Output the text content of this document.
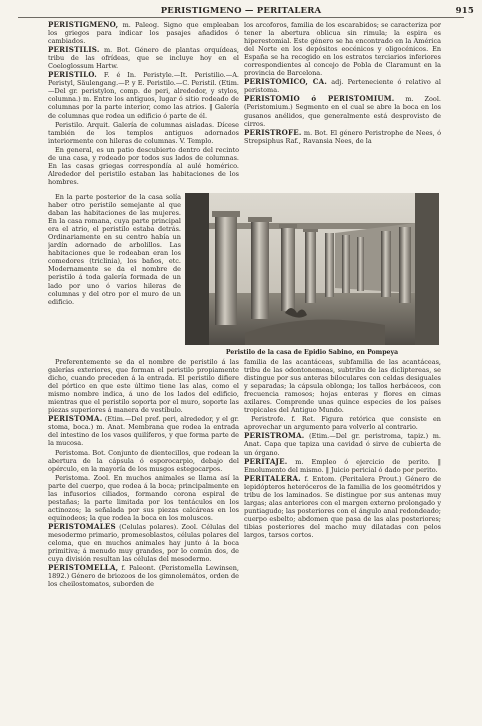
PERISTIGMENO — PERITALERA	915

PERISTIGMENO, m. Paleog. Signo que empleaban los griegos para indicar los pasajes añadidos ó cambiados.

PERISTILIS. m. Bot. Género de plantas orquídeas, tribu de las ofrídeas, que se incluye hoy en el Coeloglossum Hartw.

PERISTILO. F. é In. Peristyle.—It. Peristilio.—A. Peristyl, Säulengang.—P. y E. Peristilo.—C. Peristil. (Etim.—Del gr. peristylon, comp. de peri, alrededor, y stylos, columna.) m. Entre los antiguos, lugar ó sitio rodeado de columnas por la parte interior, como las atrios. ‖ Galería de columnas que rodea un edificio ó parte de él.

Peristilo. Arquit. Galería de columnas aisladas. Dícese también de los templos antiguos adornados interiormente con hileras de columnas. V. Templo.

En general, es un patio descubierto dentro del recinto de una casa, y rodeado por todos sus lados de columnas. En las casas griegas correspondía al aulé homérico. Alrededor del peristilo estaban las habitaciones de los hombres.

los arcoforos, familia de los escarabidos; se caracteriza por tener la abertura oblicua sin rimula; la espira es hiperestomial. Este género se ha encontrado en la América del Norte en los depósitos eocénicos y oligocénicos. En España se ha recogido en los estratos terciarios inferiores correspondientes al concejo de Pobla de Claramunt en la provincia de Barcelona.

PERISTOMICO, CA. adj. Perteneciente ó relativo al peristoma.

PERISTOMIO ó PERISTOMIUM. m. Zool. (Peristomium.) Segmento en el cual se abre la boca en los gusanos anélidos, que generalmente está desprovisto de cirros.

PERISTROFE. m. Bot. El género Peristrophe de Nees, ó Strepsiphus Raf., Ravansia Nees, de la

En la parte posterior de la casa solía haber otro peristilo semejante al que daban las habitaciones de las mujeres. En la casa romana, cuya parte principal era el atrio, el peristilo estaba detrás. Ordinariamente en su centro había un jardín adornado de arbolillos. Las habitaciones que le rodeaban eran los comedores (triclinia), los baños, etc. Modernamente se da el nombre de peristilo á toda galería formada de un lado por uno ó varios hileras de columnas y del otro por el muro de un edificio.

Peristilo de la casa de Epidio Sabino, en Pompeya

Preferentemente se da el nombre de peristilo á las galerías exteriores, que forman el peristilo propiamente dicho, cuando preceden á la entrada. El peristilo difiere del pórtico en que este último tiene las alas, como el mismo nombre indica, á uno de los lados del edificio, mientras que el peristilo soporta por el muro, soporte las piezas superiores á manera de vestíbulo.

PERISTOMA. (Etim.—Del pref. peri, alrededor, y el gr. stoma, boca.) m. Anat. Membrana que rodea la entrada del intestino de los vasos quilíferos, y que forma parte de la mucosa.

Peristoma. Bot. Conjunto de dientecillos, que rodean la abertura de la cápsula ó esporocarpio, debajo del opérculo, en la mayoría de los musgos estegocarpos.

Peristoma. Zool. En muchos animales se llama así la parte del cuerpo, que rodea á la boca; principalmente en las infusorios ciliados, formando corona espiral de pestañas; la parte limitada por los tentáculos en los actinozos; la señalada por sus piezas calcáreas en los equinodeos; la que rodea la boca en los moluscos.

PERISTOMALES (Celulas polares). Zool. Células del mesodermo primario, promesoblastos, células polares del celoma, que en muchos animales hay junto á la boca primitiva; á menudo muy grandes, por lo común dos, de cuya división resultan las células del mesodermo.

PERISTOMELLA, f. Paleont. (Peristomella Lewinsen, 1892.) Género de briozoos de los gimnolemátos, orden de los cheilostomatos, suborden de

familia de las acantáceas, subfamilia de las acantáceas, tribu de las odontonemeas, subtribu de las dicliptereas, se distingue por sus anteras biloculares con celdas desiguales y separadas; la cápsula oblonga; los tallos herbáceos, con frecuencia ramosos; hojas enteras y flores en cimas axilares. Comprende unas quince especies de los países tropicales del Antiguo Mundo.

Peristrofe. f. Ret. Figura retórica que consiste en aprovechar un argumento para volverlo al contrario.

PERISTROMA. (Etim.—Del gr. peristroma, tapiz.) m. Anat. Capa que tapiza una cavidad ó sirve de cubierta de un órgano.

PERITAJE. m. Empleo ó ejercicio de perito. ‖ Emolumento del mismo. ‖ Juicio pericial ó dado por perito.

PERITALERA. f. Entom. (Peritalera Prout.) Género de lepidópteros heteróceros de la familia de los geométridos y tribu de los laminados. Se distingue por sus antenas muy largas; alas anteriores con el margen externo prolongado y puntiagudo; las posteriores con el ángulo anal redondeado; cuerpo esbelto; abdomen que pasa de las alas posteriores; tibias posteriores del macho muy dilatadas con pelos largos, tarsos cortos.
